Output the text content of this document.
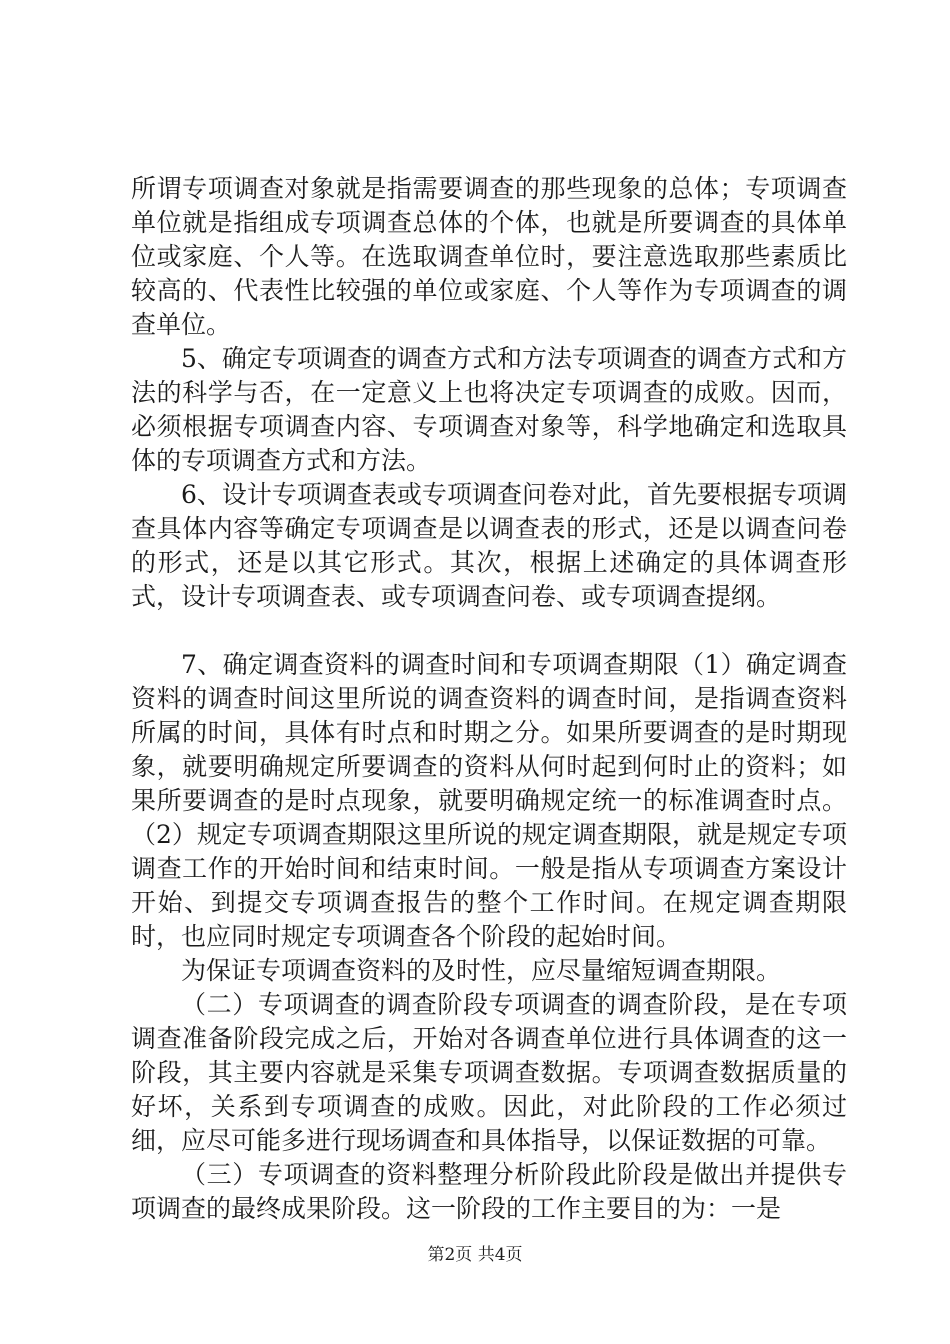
所谓专项调查对象就是指需要调查的那些现象的总体；专项调查单位就是指组成专项调查总体的个体，也就是所要调查的具体单位或家庭、个人等。在选取调查单位时，要注意选取那些素质比较高的、代表性比较强的单位或家庭、个人等作为专项调查的调查单位。

5、确定专项调查的调查方式和方法专项调查的调查方式和方法的科学与否，在一定意义上也将决定专项调查的成败。因而，必须根据专项调查内容、专项调查对象等，科学地确定和选取具体的专项调查方式和方法。

6、设计专项调查表或专项调查问卷对此，首先要根据专项调查具体内容等确定专项调查是以调查表的形式，还是以调查问卷的形式，还是以其它形式。其次，根据上述确定的具体调查形式，设计专项调查表、或专项调查问卷、或专项调查提纲。

7、确定调查资料的调查时间和专项调查期限（1）确定调查资料的调查时间这里所说的调查资料的调查时间，是指调查资料所属的时间，具体有时点和时期之分。如果所要调查的是时期现象，就要明确规定所要调查的资料从何时起到何时止的资料；如果所要调查的是时点现象，就要明确规定统一的标准调查时点。（2）规定专项调查期限这里所说的规定调查期限，就是规定专项调查工作的开始时间和结束时间。一般是指从专项调查方案设计开始、到提交专项调查报告的整个工作时间。在规定调查期限时，也应同时规定专项调查各个阶段的起始时间。

为保证专项调查资料的及时性，应尽量缩短调查期限。

（二）专项调查的调查阶段专项调查的调查阶段，是在专项调查准备阶段完成之后，开始对各调查单位进行具体调查的这一阶段，其主要内容就是采集专项调查数据。专项调查数据质量的好坏，关系到专项调查的成败。因此，对此阶段的工作必须过细，应尽可能多进行现场调查和具体指导，以保证数据的可靠。

（三）专项调查的资料整理分析阶段此阶段是做出并提供专项调查的最终成果阶段。这一阶段的工作主要目的为：一是

第2页 共4页
